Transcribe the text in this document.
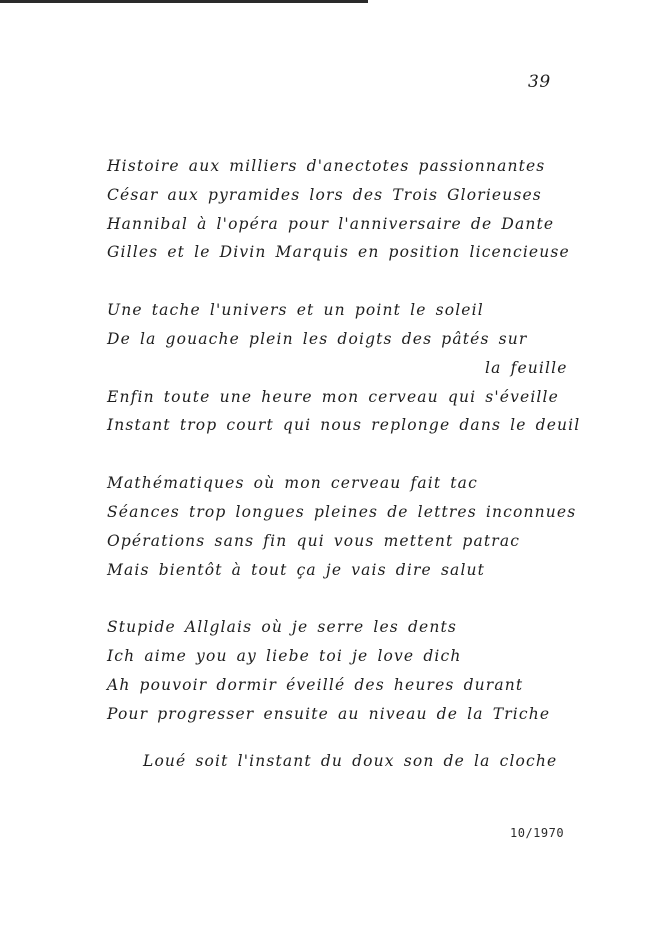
39
Histoire aux milliers d'anectotes passionnantes
César aux pyramides lors des Trois Glorieuses
Hannibal à l'opéra pour l'anniversaire de Dante
Gilles et le Divin Marquis en position licencieuse
Une tache l'univers et un point le soleil
De la gouache plein les doigts des pâtés sur
la feuille
Enfin toute une heure mon cerveau qui s'éveille
Instant trop court qui nous replonge dans le deuil
Mathématiques où mon cerveau fait tac
Séances trop longues pleines de lettres inconnues
Opérations sans fin qui vous mettent patrac
Mais bientôt à tout ça je vais dire salut
Stupide Allglais où je serre les dents
Ich aime you ay liebe toi je love dich
Ah pouvoir dormir éveillé des heures durant
Pour progresser ensuite au niveau de la Triche
Loué soit l'instant du doux son de la cloche
10/1970
